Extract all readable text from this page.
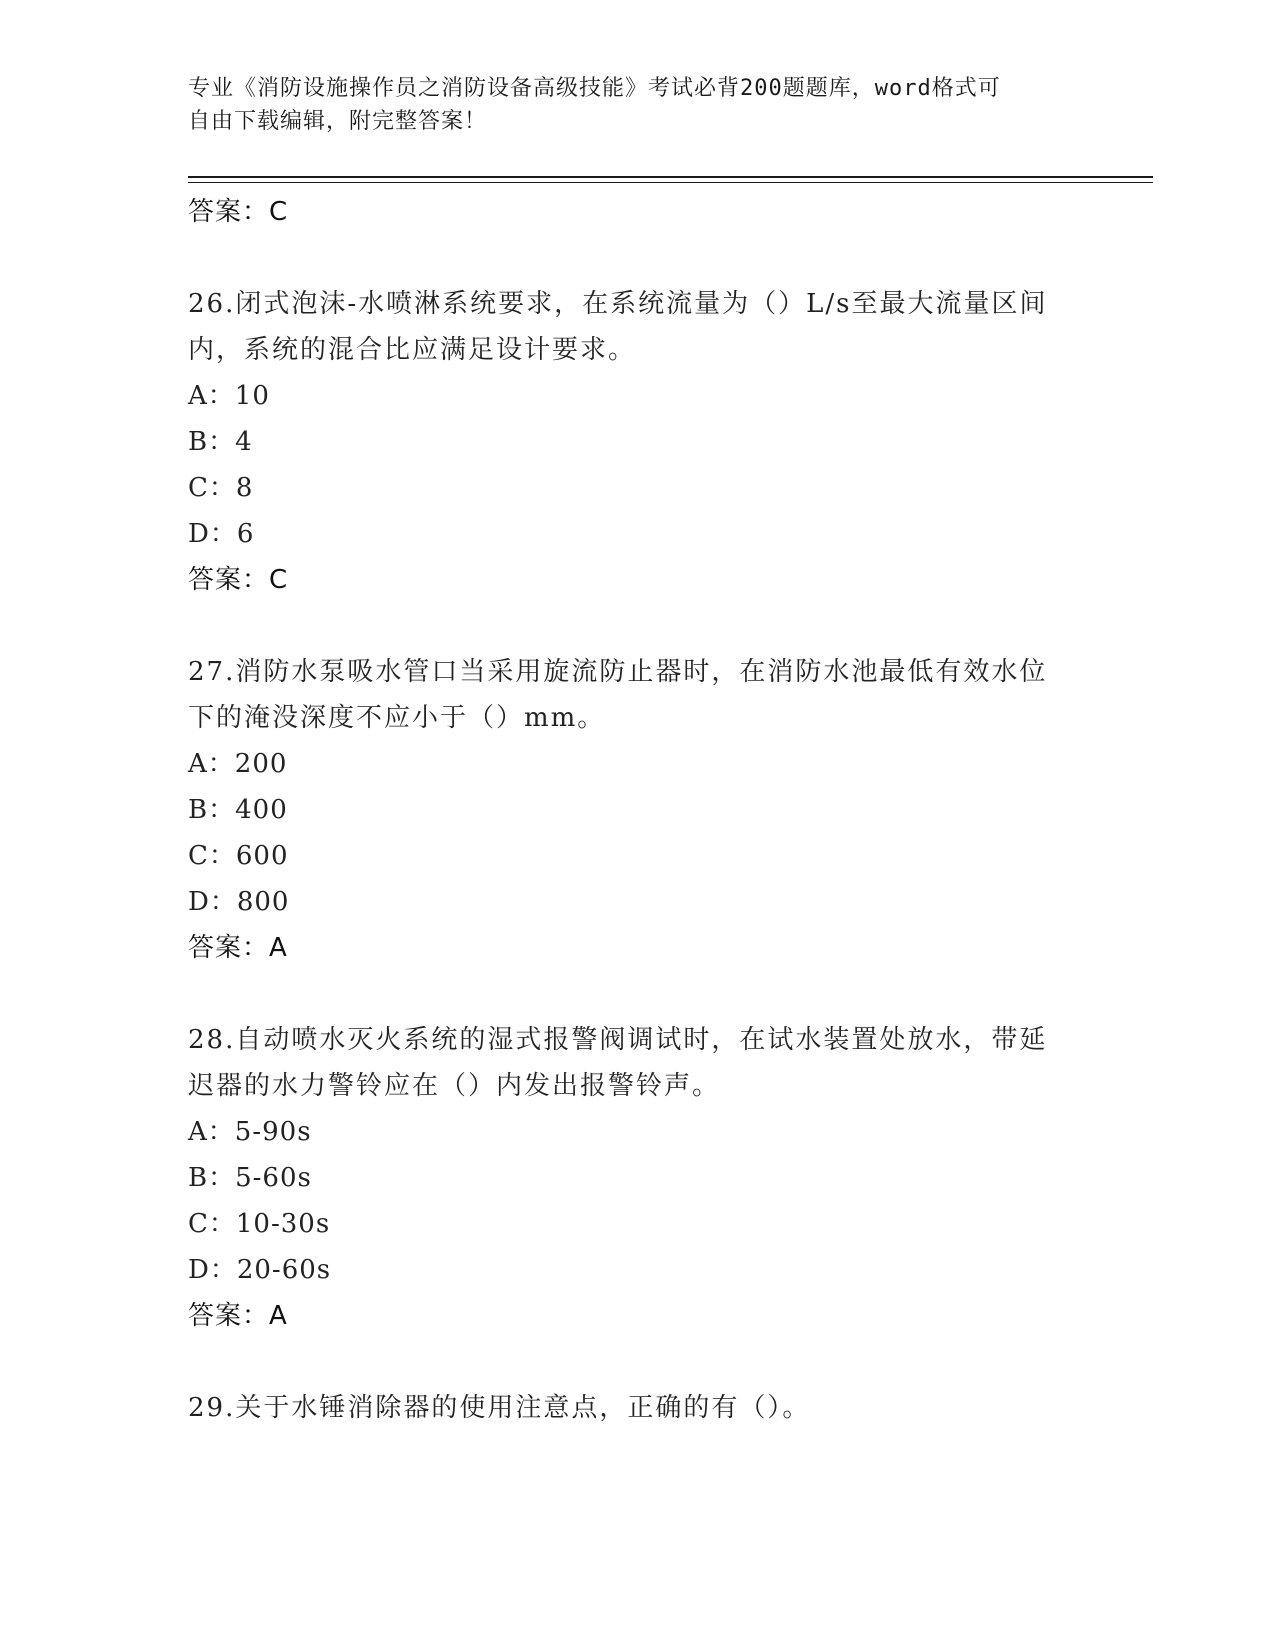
专业《消防设施操作员之消防设备高级技能》考试必背200题题库，word格式可
自由下载编辑，附完整答案！
答案：C
26.闭式泡沫-水喷淋系统要求，在系统流量为（）L/s至最大流量区间
内，系统的混合比应满足设计要求。
A：10
B：4
C：8
D：6
答案：C
27.消防水泵吸水管口当采用旋流防止器时，在消防水池最低有效水位
下的淹没深度不应小于（）mm。
A：200
B：400
C：600
D：800
答案：A
28.自动喷水灭火系统的湿式报警阀调试时，在试水装置处放水，带延
迟器的水力警铃应在（）内发出报警铃声。
A：5-90s
B：5-60s
C：10-30s
D：20-60s
答案：A
29.关于水锤消除器的使用注意点，正确的有（）。
